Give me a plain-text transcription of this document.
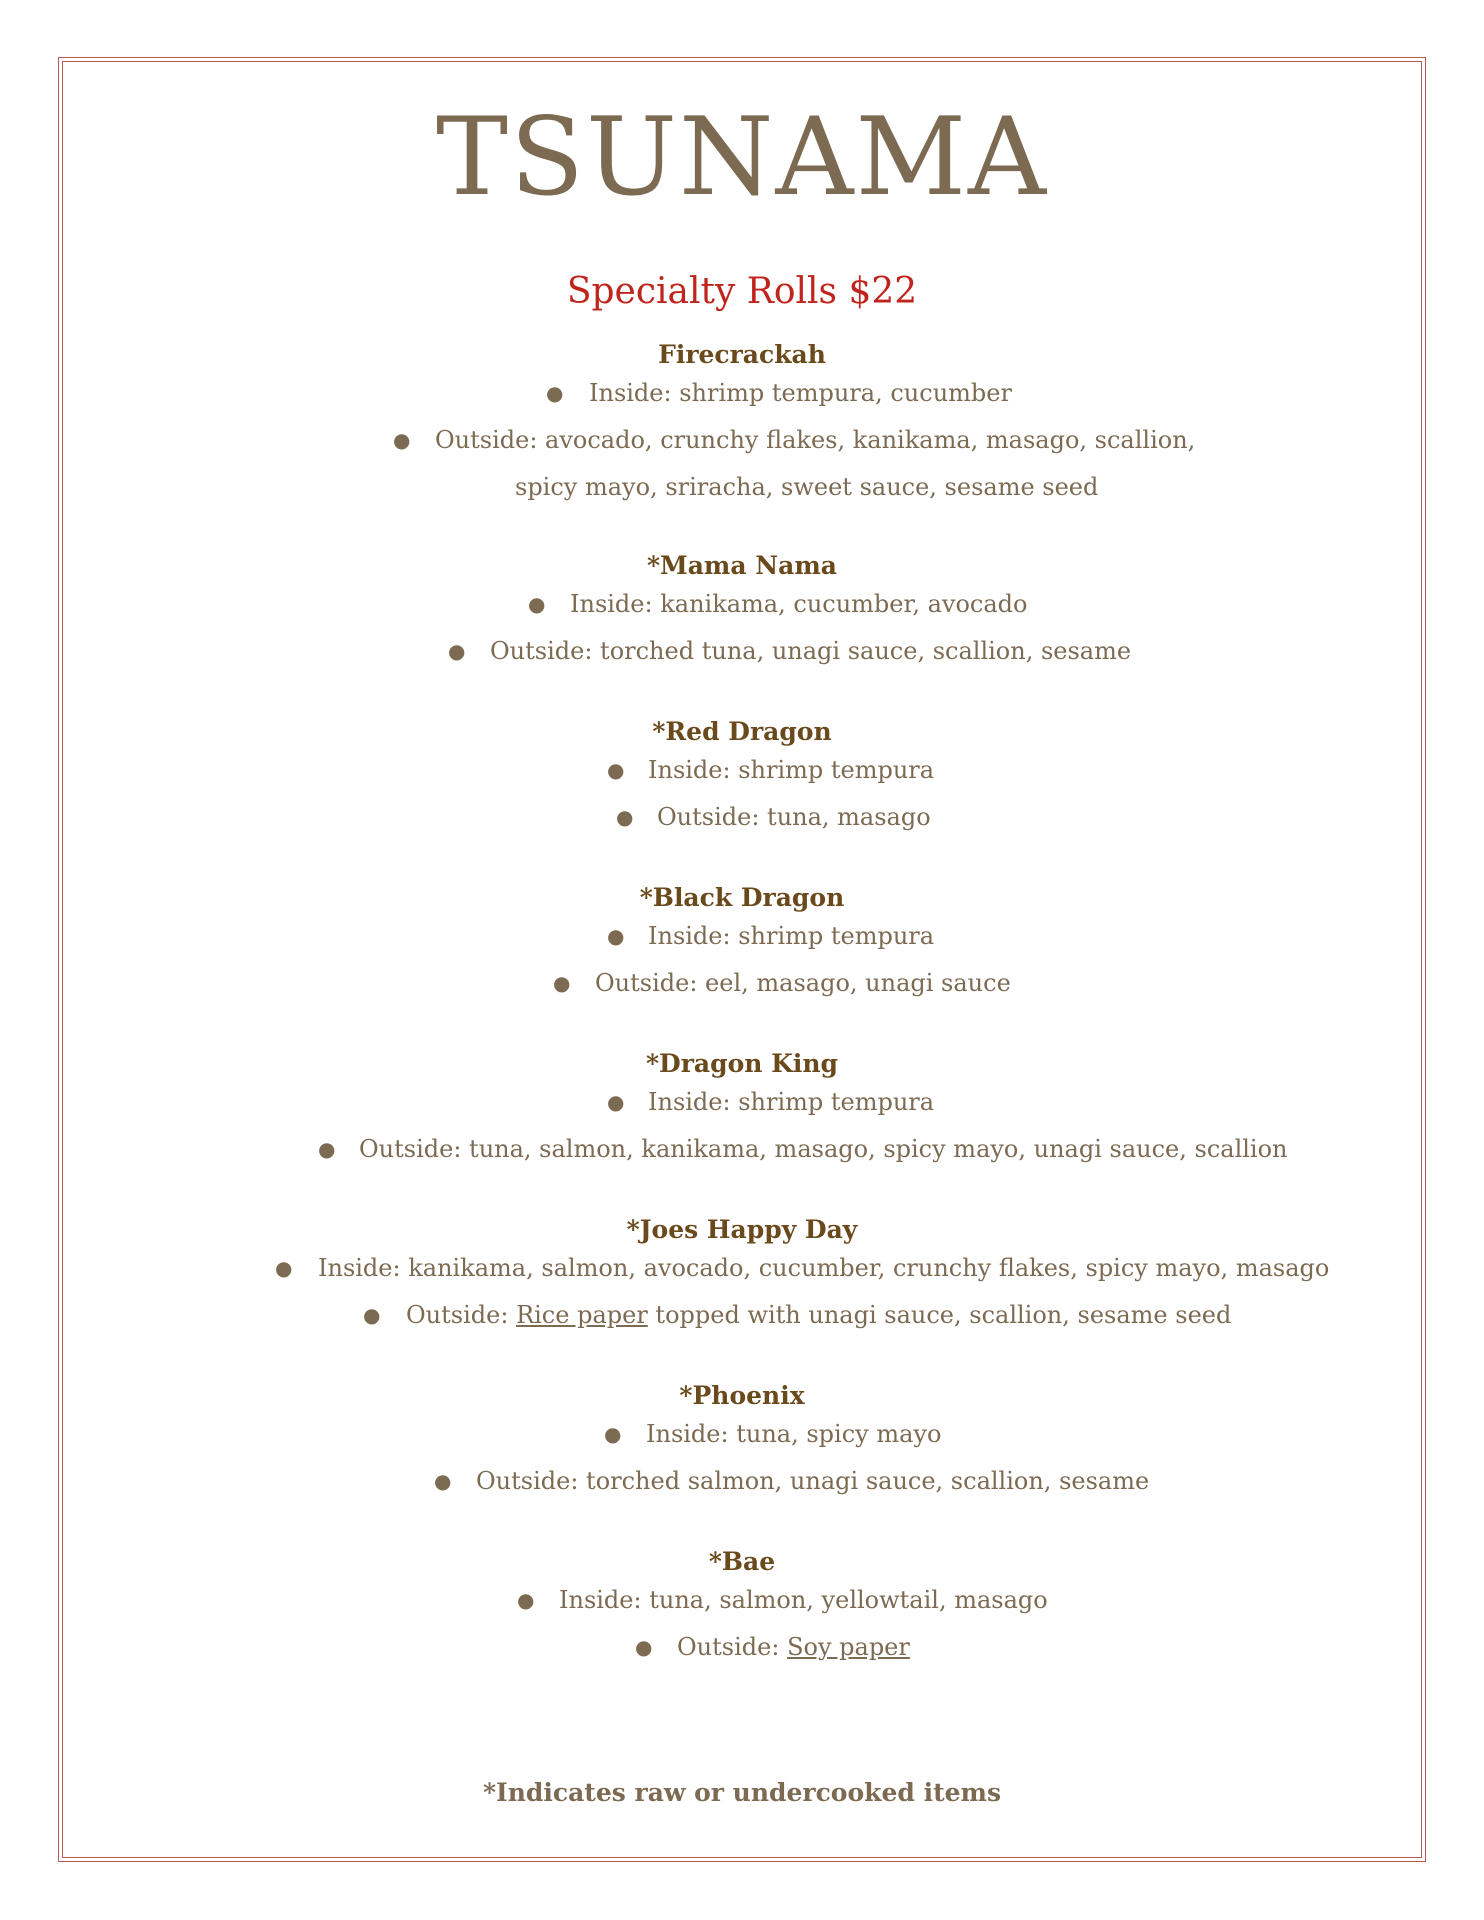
TSUNAMA
Specialty Rolls $22
Firecrackah
● Inside: shrimp tempura, cucumber
● Outside: avocado, crunchy flakes, kanikama, masago, scallion,
spicy mayo, sriracha, sweet sauce, sesame seed
*Mama Nama
● Inside: kanikama, cucumber, avocado
● Outside: torched tuna, unagi sauce, scallion, sesame
*Red Dragon
● Inside: shrimp tempura
● Outside: tuna, masago
*Black Dragon
● Inside: shrimp tempura
● Outside: eel, masago, unagi sauce
*Dragon King
● Inside: shrimp tempura
● Outside: tuna, salmon, kanikama, masago, spicy mayo, unagi sauce, scallion
*Joes Happy Day
● Inside: kanikama, salmon, avocado, cucumber, crunchy flakes, spicy mayo, masago
● Outside: Rice paper topped with unagi sauce, scallion, sesame seed
*Phoenix
● Inside: tuna, spicy mayo
● Outside: torched salmon, unagi sauce, scallion, sesame
*Bae
● Inside: tuna, salmon, yellowtail, masago
● Outside: Soy paper
*Indicates raw or undercooked items
